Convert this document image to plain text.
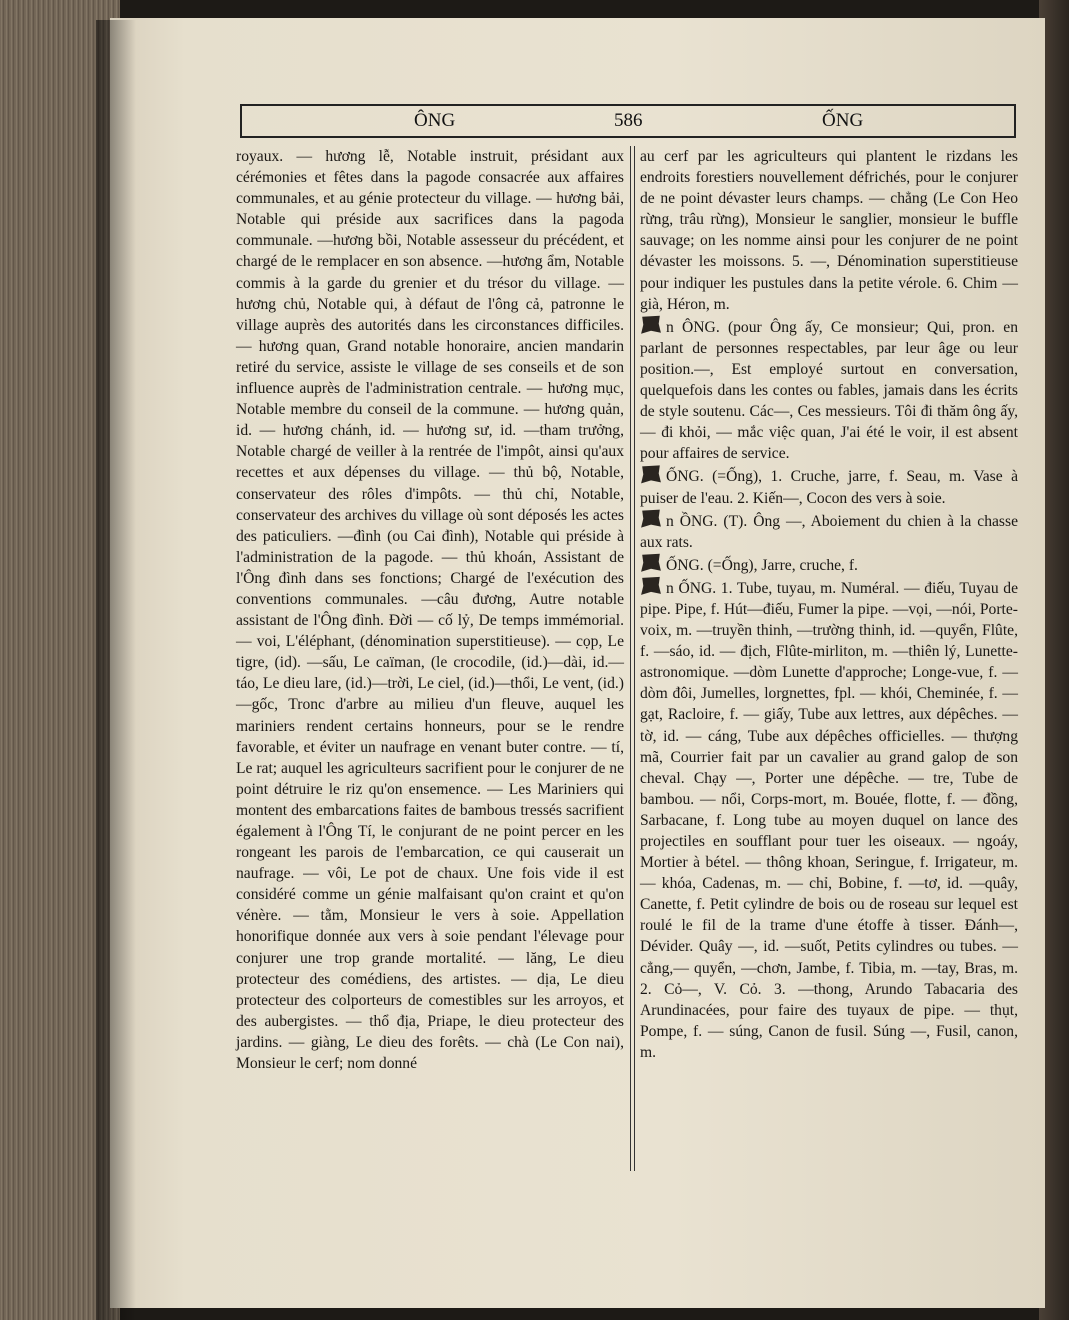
ÔNG	586	ỐNG

royaux. — hương lễ, Notable instruit, présidant aux cérémonies et fêtes dans la pagode consacrée aux affaires communales, et au génie protecteur du village. — hương bải, Notable qui préside aux sacrifices dans la pagoda communale. —hương bồi, Notable assesseur du précédent, et chargé de le remplacer en son absence. —hương ẩm, Notable commis à la garde du grenier et du trésor du village. — hương chủ, Notable qui, à défaut de l'ông cả, patronne le village auprès des autorités dans les circonstances difficiles. — hương quan, Grand notable honoraire, ancien mandarin retiré du service, assiste le village de ses conseils et de son influence auprès de l'administration centrale. — hương mục, Notable membre du conseil de la commune. — hương quản, id. — hương chánh, id. — hương sư, id. —tham trưởng, Notable chargé de veiller à la rentrée de l'impôt, ainsi qu'aux recettes et aux dépenses du village. — thủ bộ, Notable, conservateur des rôles d'impôts. — thủ chỉ, Notable, conservateur des archives du village où sont déposés les actes des paticuliers. —đình (ou Cai đình), Notable qui préside à l'administration de la pagode. — thủ khoán, Assistant de l'Ông đình dans ses fonctions; Chargé de l'exécution des conventions communales. —câu đương, Autre notable assistant de l'Ông đình. Đời — cố lỷ, De temps immémorial. — voi, L'éléphant, (dénomination superstitieuse). — cọp, Le tigre, (id). —sấu, Le caïman, (le crocodile, (id.)—dài, id.—táo, Le dieu lare, (id.)—trời, Le ciel, (id.)—thổi, Le vent, (id.)—gốc, Tronc d'arbre au milieu d'un fleuve, auquel les mariniers rendent certains honneurs, pour se le rendre favorable, et éviter un naufrage en venant buter contre. — tí, Le rat; auquel les agriculteurs sacrifient pour le conjurer de ne point détruire le riz qu'on ensemence. — Les Mariniers qui montent des embarcations faites de bambous tressés sacrifient également à l'Ông Tí, le conjurant de ne point percer en les rongeant les parois de l'embarcation, ce qui causerait un naufrage. — vôi, Le pot de chaux. Une fois vide il est considéré comme un génie malfaisant qu'on craint et qu'on vénère. — tằm, Monsieur le vers à soie. Appellation honorifique donnée aux vers à soie pendant l'élevage pour conjurer une trop grande mortalité. — lăng, Le dieu protecteur des comédiens, des artistes. — dịa, Le dieu protecteur des colporteurs de comestibles sur les arroyos, et des aubergistes. — thổ địa, Priape, le dieu protecteur des jardins. — giàng, Le dieu des forêts. — chà (Le Con nai), Monsieur le cerf; nom donné

au cerf par les agriculteurs qui plantent le rizdans les endroits forestiers nouvellement défrichés, pour le conjurer de ne point dévaster leurs champs. — chẳng (Le Con Heo rừng, trâu rừng), Monsieur le sanglier, monsieur le buffle sauvage; on les nomme ainsi pour les conjurer de ne point dévaster les moissons. 5. —, Dénomination superstitieuse pour indiquer les pustules dans la petite vérole. 6. Chim — già, Héron, m.

n ÔNG. (pour Ông ấy, Ce monsieur; Qui, pron. en parlant de personnes respectables, par leur âge ou leur position.—, Est employé surtout en conversation, quelquefois dans les contes ou fables, jamais dans les écrits de style soutenu. Các—, Ces messieurs. Tôi đi thăm ông ấy, — đi khỏi, — mắc việc quan, J'ai été le voir, il est absent pour affaires de service.

ỐNG. (=Ống), 1. Cruche, jarre, f. Seau, m. Vase à puiser de l'eau. 2. Kiến—, Cocon des vers à soie.

n ỒNG. (T). Ông —, Aboiement du chien à la chasse aux rats.

ỐNG. (=Ống), Jarre, cruche, f.

n ỐNG. 1. Tube, tuyau, m. Numéral. — điếu, Tuyau de pipe. Pipe, f. Hút—điếu, Fumer la pipe. —vọi, —nói, Porte-voix, m. —truyền thinh, —trường thinh, id. —quyển, Flûte, f. —sáo, id. — địch, Flûte-mirliton, m. —thiên lý, Lunette-astronomique. —dòm Lunette d'approche; Longe-vue, f. — dòm đôi, Jumelles, lorgnettes, fpl. — khói, Cheminée, f. —gạt, Racloire, f. — giấy, Tube aux lettres, aux dépêches. — tờ, id. — cáng, Tube aux dépêches officielles. — thượng mã, Courrier fait par un cavalier au grand galop de son cheval. Chạy —, Porter une dépêche. — tre, Tube de bambou. — nổi, Corps-mort, m. Bouée, flotte, f. — đồng, Sarbacane, f. Long tube au moyen duquel on lance des projectiles en soufflant pour tuer les oiseaux. — ngoáy, Mortier à bétel. — thông khoan, Seringue, f. Irrigateur, m. — khóa, Cadenas, m. — chỉ, Bobine, f. —tơ, id. —quây, Canette, f. Petit cylindre de bois ou de roseau sur lequel est roulé le fil de la trame d'une étoffe à tisser. Đánh—, Dévider. Quây —, id. —suốt, Petits cylindres ou tubes. —cẳng,— quyển, —chơn, Jambe, f. Tibia, m. —tay, Bras, m. 2. Cỏ—, V. Cỏ. 3. —thong, Arundo Tabacaria des Arundinacées, pour faire des tuyaux de pipe. — thụt, Pompe, f. — súng, Canon de fusil. Súng —, Fusil, canon, m.
